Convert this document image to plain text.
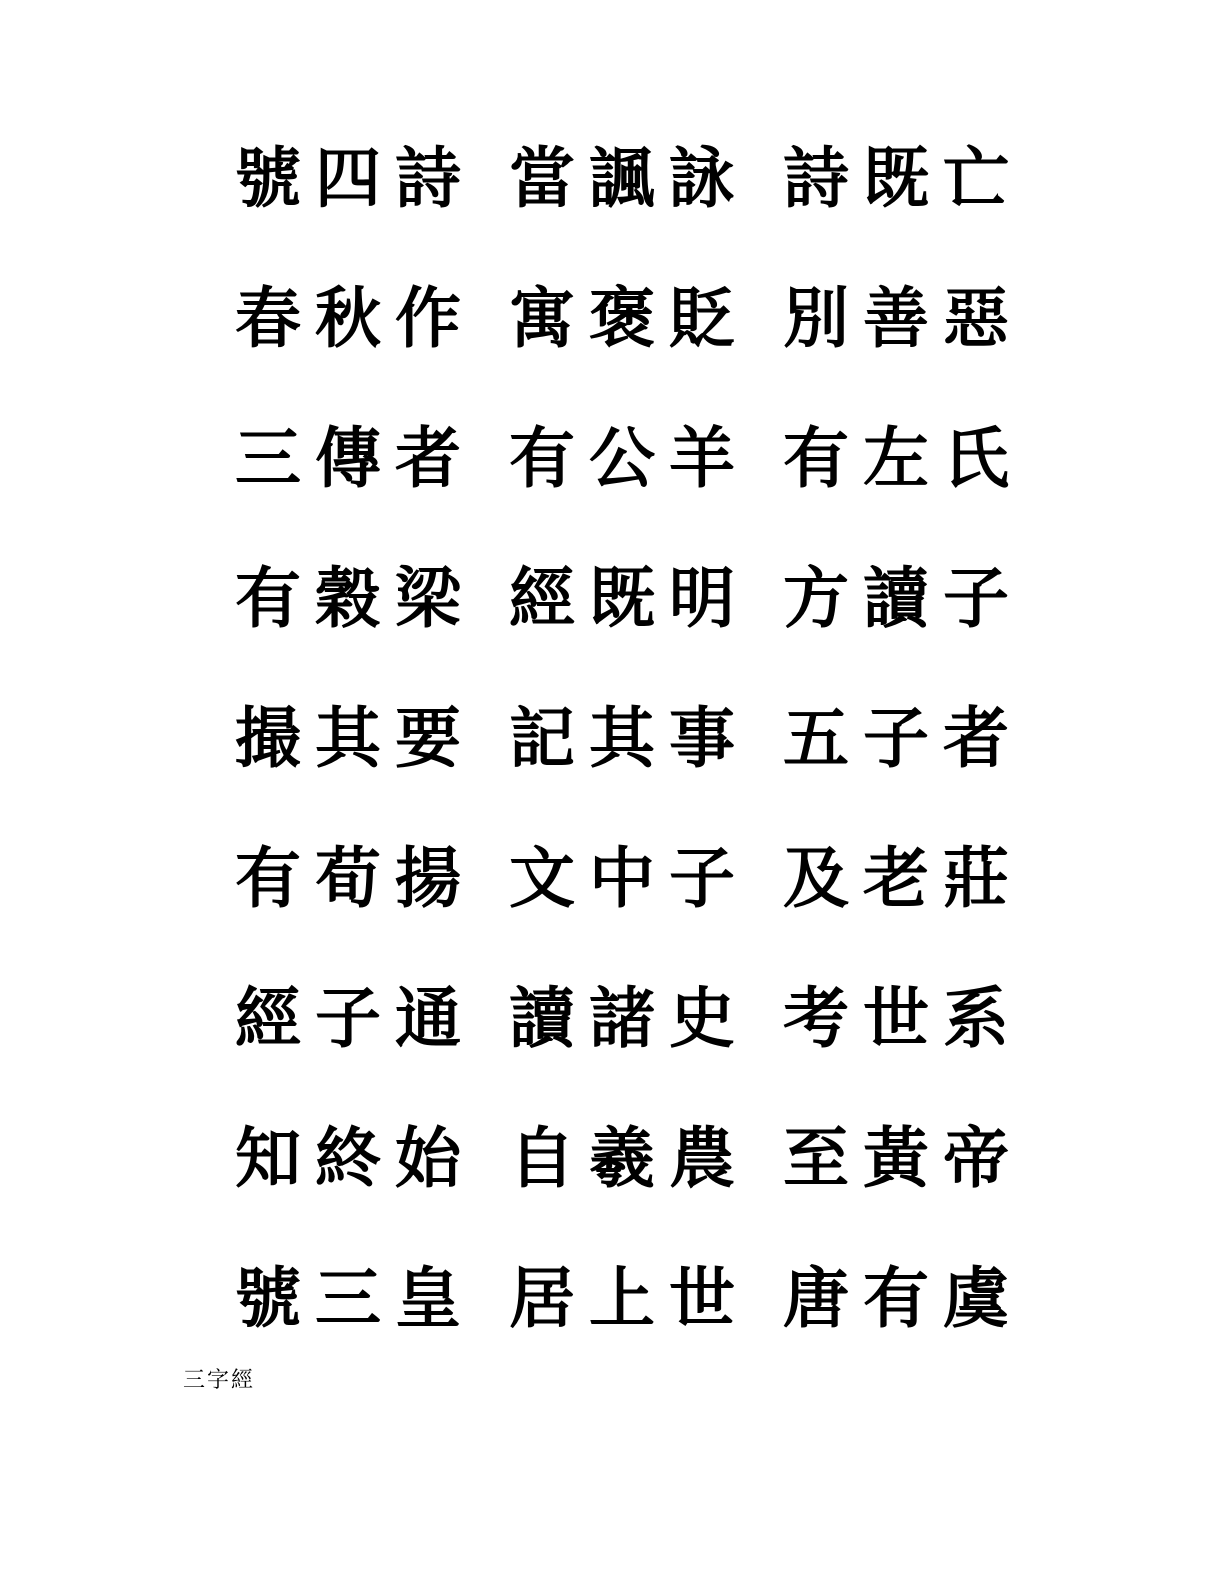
號 四 詩 當 諷 詠 詩 既 亡
春 秋 作 寓 褒 貶 別 善 惡
三 傳 者 有 公 羊 有 左 氏
有 穀 梁 經 既 明 方 讀 子
撮 其 要 記 其 事 五 子 者
有 荀 揚 文 中 子 及 老 莊
經 子 通 讀 諸 史 考 世 系
知 終 始 自 羲 農 至 黃 帝
號 三 皇 居 上 世 唐 有 虞
三字經
